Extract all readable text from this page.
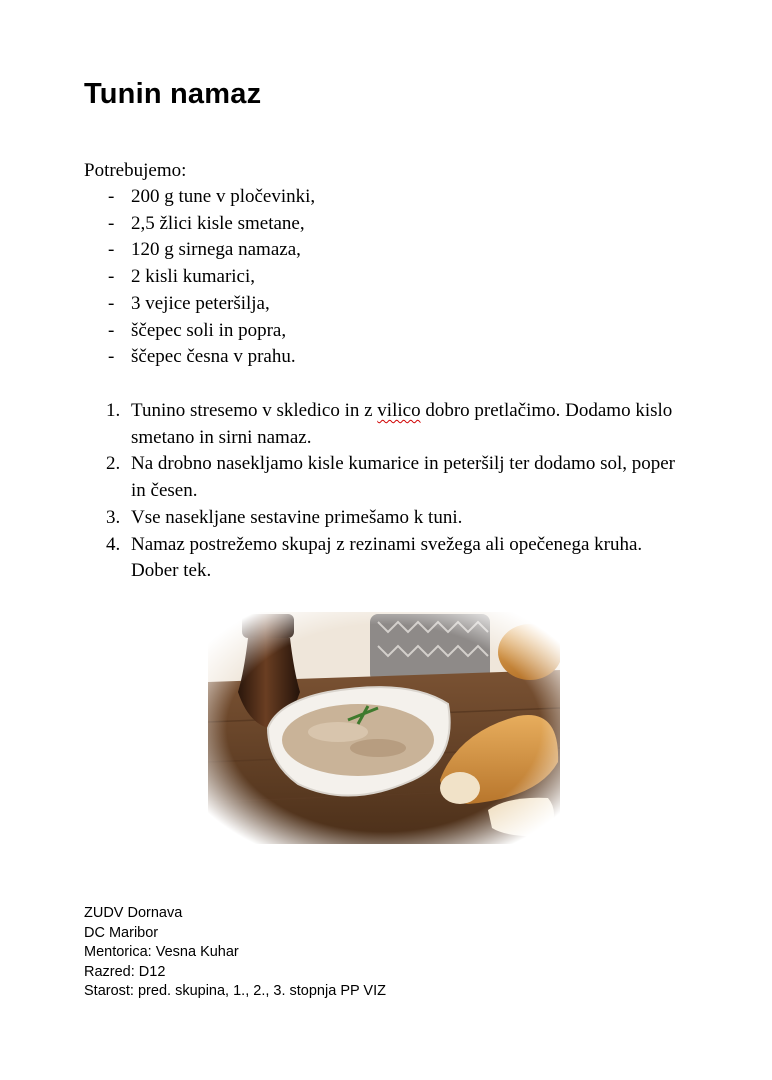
Tunin namaz
Potrebujemo:
- 200 g tune v pločevinki,
- 2,5 žlici kisle smetane,
- 120 g sirnega namaza,
- 2 kisli kumarici,
- 3 vejice peteršilja,
- ščepec soli in popra,
- ščepec česna v prahu.
1. Tunino stresemo v skledico in z vilico dobro pretlačimo. Dodamo kislo smetano in sirni namaz.
2. Na drobno nasekljamo kisle kumarice in peteršilj ter dodamo sol, poper in česen.
3. Vse nasekljane sestavine primešamo k tuni.
4. Namaz postrežemo skupaj z rezinami svežega ali opečenega kruha. Dober tek.
ZUDV Dornava
DC Maribor
Mentorica: Vesna Kuhar
Razred: D12
Starost: pred. skupina, 1., 2., 3. stopnja PP VIZ
